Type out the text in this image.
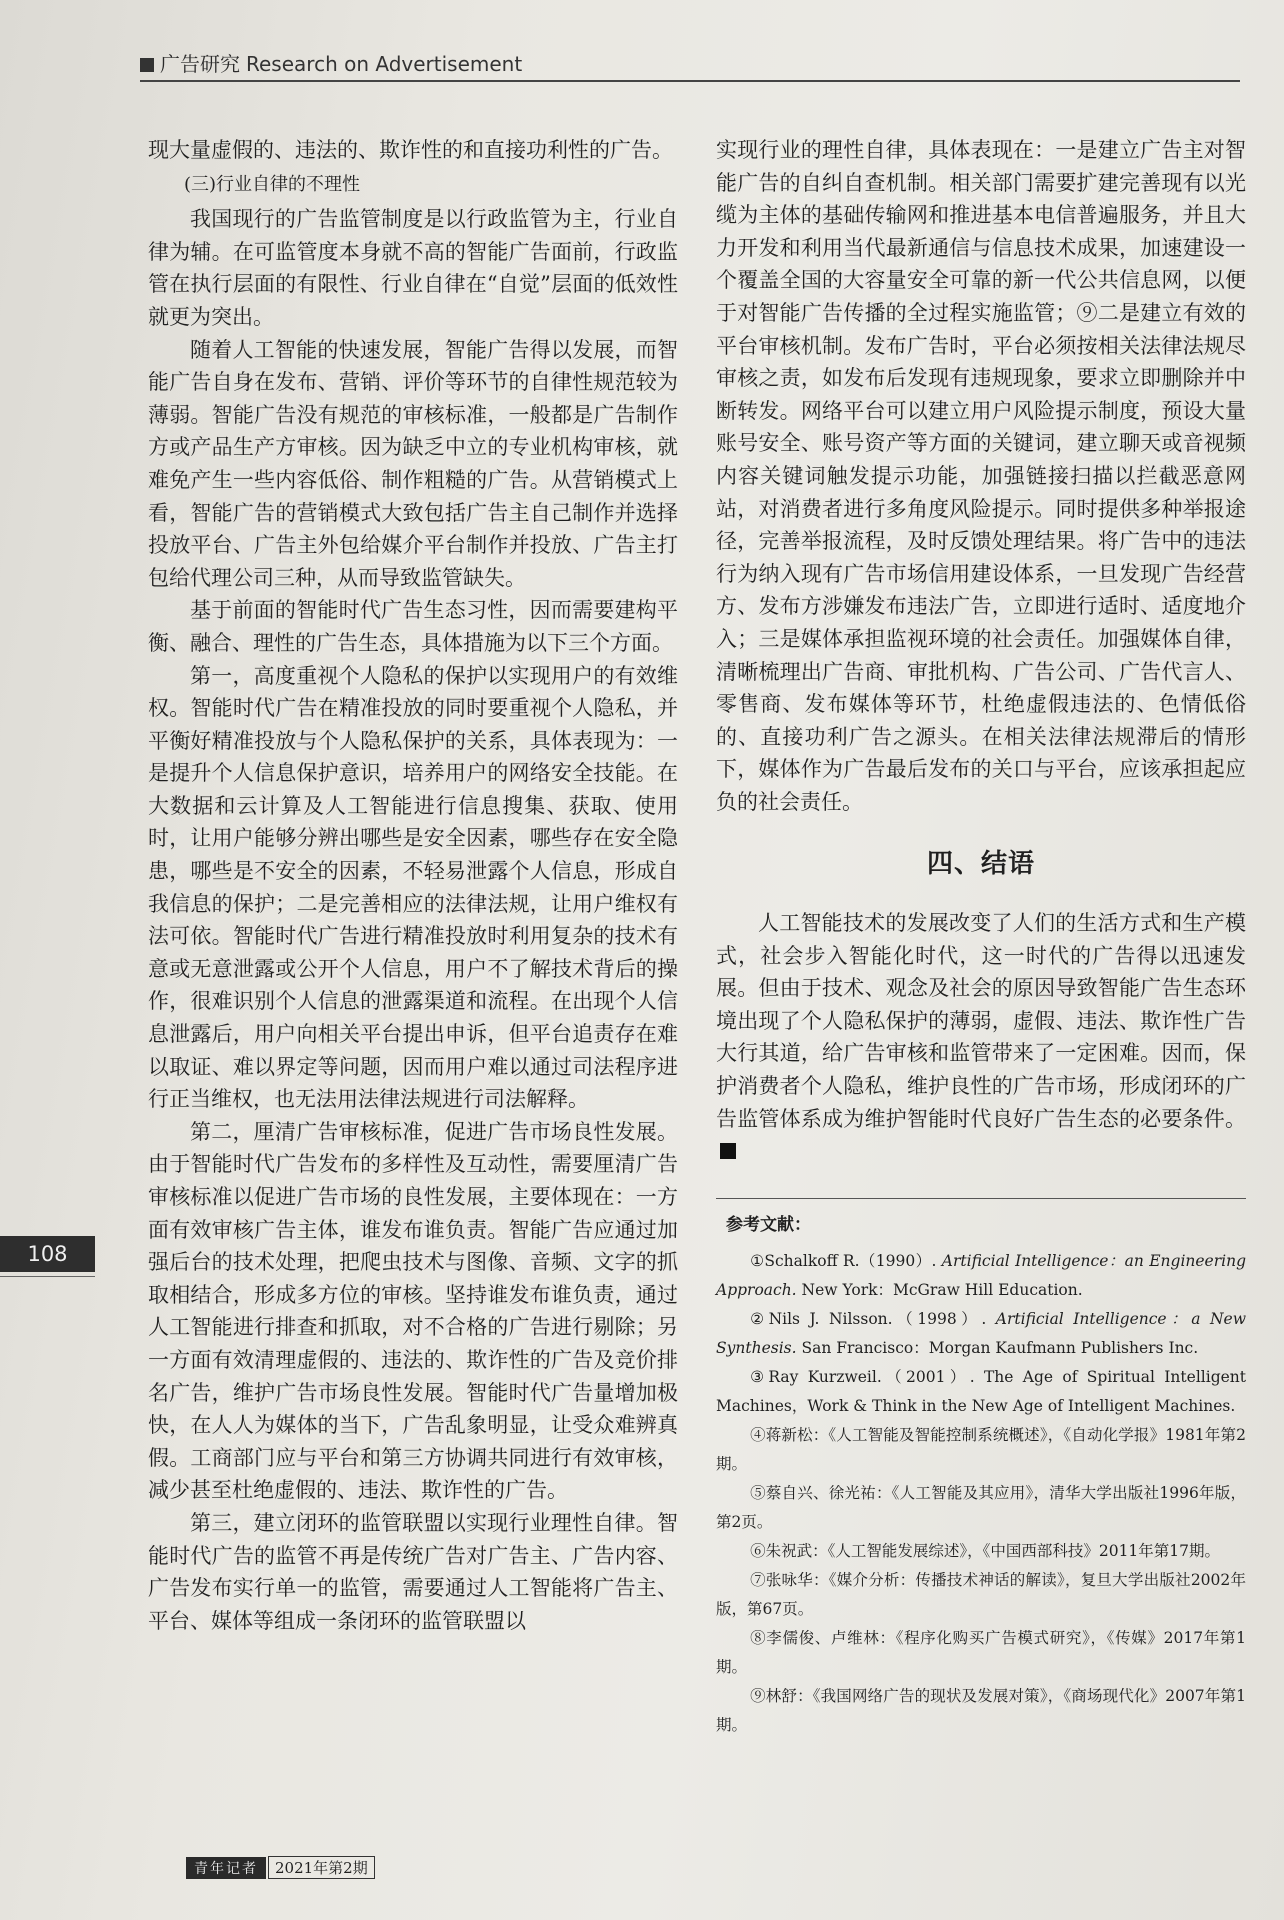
广告研究 Research on Advertisement

现大量虚假的、违法的、欺诈性的和直接功利性的广告。

(三)行业自律的不理性

我国现行的广告监管制度是以行政监管为主，行业自律为辅。在可监管度本身就不高的智能广告面前，行政监管在执行层面的有限性、行业自律在“自觉”层面的低效性就更为突出。

随着人工智能的快速发展，智能广告得以发展，而智能广告自身在发布、营销、评价等环节的自律性规范较为薄弱。智能广告没有规范的审核标准，一般都是广告制作方或产品生产方审核。因为缺乏中立的专业机构审核，就难免产生一些内容低俗、制作粗糙的广告。从营销模式上看，智能广告的营销模式大致包括广告主自己制作并选择投放平台、广告主外包给媒介平台制作并投放、广告主打包给代理公司三种，从而导致监管缺失。

基于前面的智能时代广告生态习性，因而需要建构平衡、融合、理性的广告生态，具体措施为以下三个方面。

第一，高度重视个人隐私的保护以实现用户的有效维权。智能时代广告在精准投放的同时要重视个人隐私，并平衡好精准投放与个人隐私保护的关系，具体表现为：一是提升个人信息保护意识，培养用户的网络安全技能。在大数据和云计算及人工智能进行信息搜集、获取、使用时，让用户能够分辨出哪些是安全因素，哪些存在安全隐患，哪些是不安全的因素，不轻易泄露个人信息，形成自我信息的保护；二是完善相应的法律法规，让用户维权有法可依。智能时代广告进行精准投放时利用复杂的技术有意或无意泄露或公开个人信息，用户不了解技术背后的操作，很难识别个人信息的泄露渠道和流程。在出现个人信息泄露后，用户向相关平台提出申诉，但平台追责存在难以取证、难以界定等问题，因而用户难以通过司法程序进行正当维权，也无法用法律法规进行司法解释。

第二，厘清广告审核标准，促进广告市场良性发展。由于智能时代广告发布的多样性及互动性，需要厘清广告审核标准以促进广告市场的良性发展，主要体现在：一方面有效审核广告主体，谁发布谁负责。智能广告应通过加强后台的技术处理，把爬虫技术与图像、音频、文字的抓取相结合，形成多方位的审核。坚持谁发布谁负责，通过人工智能进行排查和抓取，对不合格的广告进行剔除；另一方面有效清理虚假的、违法的、欺诈性的广告及竞价排名广告，维护广告市场良性发展。智能时代广告量增加极快，在人人为媒体的当下，广告乱象明显，让受众难辨真假。工商部门应与平台和第三方协调共同进行有效审核，减少甚至杜绝虚假的、违法、欺诈性的广告。

第三，建立闭环的监管联盟以实现行业理性自律。智能时代广告的监管不再是传统广告对广告主、广告内容、广告发布实行单一的监管，需要通过人工智能将广告主、平台、媒体等组成一条闭环的监管联盟以

实现行业的理性自律，具体表现在：一是建立广告主对智能广告的自纠自查机制。相关部门需要扩建完善现有以光缆为主体的基础传输网和推进基本电信普遍服务，并且大力开发和利用当代最新通信与信息技术成果，加速建设一个覆盖全国的大容量安全可靠的新一代公共信息网，以便于对智能广告传播的全过程实施监管；⑨二是建立有效的平台审核机制。发布广告时，平台必须按相关法律法规尽审核之责，如发布后发现有违规现象，要求立即删除并中断转发。网络平台可以建立用户风险提示制度，预设大量账号安全、账号资产等方面的关键词，建立聊天或音视频内容关键词触发提示功能，加强链接扫描以拦截恶意网站，对消费者进行多角度风险提示。同时提供多种举报途径，完善举报流程，及时反馈处理结果。将广告中的违法行为纳入现有广告市场信用建设体系，一旦发现广告经营方、发布方涉嫌发布违法广告，立即进行适时、适度地介入；三是媒体承担监视环境的社会责任。加强媒体自律，清晰梳理出广告商、审批机构、广告公司、广告代言人、零售商、发布媒体等环节，杜绝虚假违法的、色情低俗的、直接功利广告之源头。在相关法律法规滞后的情形下，媒体作为广告最后发布的关口与平台，应该承担起应负的社会责任。

四、结语

人工智能技术的发展改变了人们的生活方式和生产模式，社会步入智能化时代，这一时代的广告得以迅速发展。但由于技术、观念及社会的原因导致智能广告生态环境出现了个人隐私保护的薄弱，虚假、违法、欺诈性广告大行其道，给广告审核和监管带来了一定困难。因而，保护消费者个人隐私，维护良性的广告市场，形成闭环的广告监管体系成为维护智能时代良好广告生态的必要条件。

参考文献：

①Schalkoff R.（1990）. Artificial Intelligence：an Engineering Approach. New York：McGraw Hill Education.

②Nils J. Nilsson.（1998）. Artificial Intelligence：a New Synthesis. San Francisco：Morgan Kaufmann Publishers Inc.

③Ray Kurzweil.（2001）. The Age of Spiritual Intelligent Machines，Work & Think in the New Age of Intelligent Machines.

④蒋新松：《人工智能及智能控制系统概述》，《自动化学报》1981年第2期。

⑤蔡自兴、徐光祐：《人工智能及其应用》，清华大学出版社1996年版，第2页。

⑥朱祝武：《人工智能发展综述》，《中国西部科技》2011年第17期。

⑦张咏华：《媒介分析：传播技术神话的解读》，复旦大学出版社2002年版，第67页。

⑧李儒俊、卢维林：《程序化购买广告模式研究》，《传媒》2017年第1期。

⑨林舒：《我国网络广告的现状及发展对策》，《商场现代化》2007年第1期。

108
青年记者 2021年第2期
